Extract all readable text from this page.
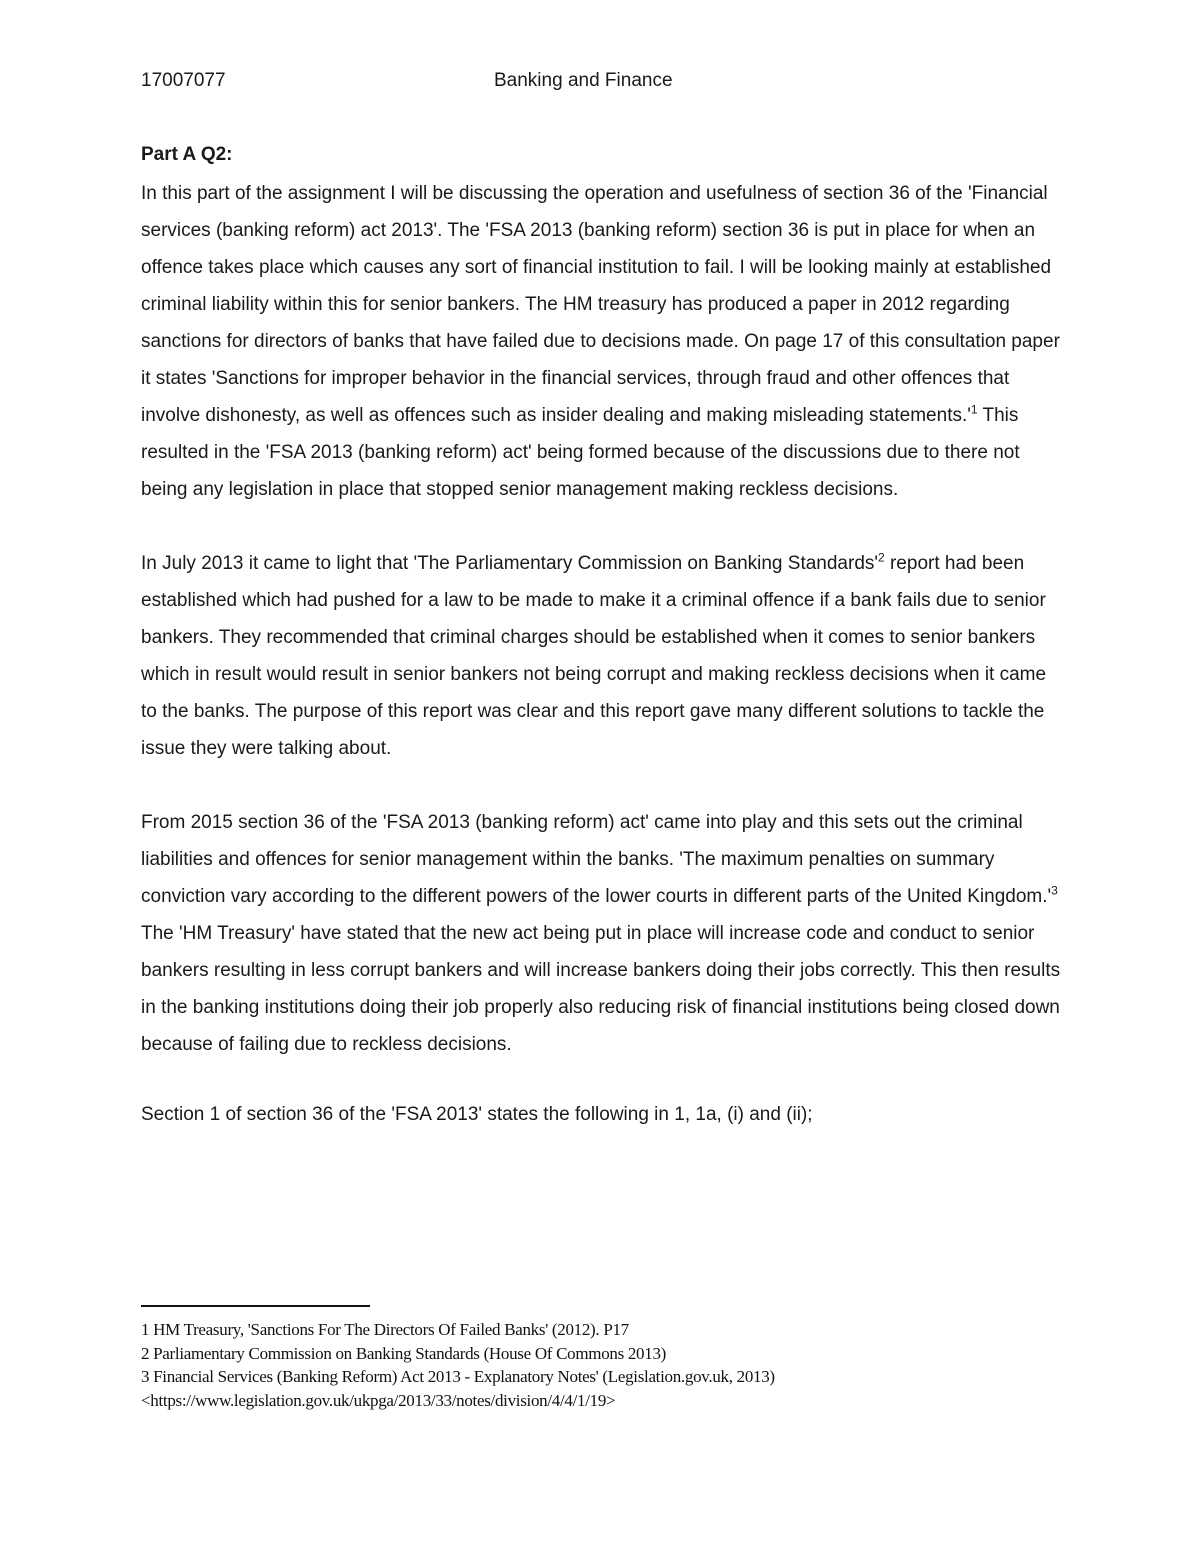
17007077	Banking and Finance

Part A Q2:

In this part of the assignment I will be discussing the operation and usefulness of section 36 of the 'Financial services (banking reform) act 2013'. The 'FSA 2013 (banking reform) section 36 is put in place for when an offence takes place which causes any sort of financial institution to fail. I will be looking mainly at established criminal liability within this for senior bankers. The HM treasury has produced a paper in 2012 regarding sanctions for directors of banks that have failed due to decisions made. On page 17 of this consultation paper it states 'Sanctions for improper behavior in the financial services, through fraud and other offences that involve dishonesty, as well as offences such as insider dealing and making misleading statements.'$^1$ This resulted in the 'FSA 2013 (banking reform) act' being formed because of the discussions due to there not being any legislation in place that stopped senior management making reckless decisions.

In July 2013 it came to light that 'The Parliamentary Commission on Banking Standards'$^2$ report had been established which had pushed for a law to be made to make it a criminal offence if a bank fails due to senior bankers. They recommended that criminal charges should be established when it comes to senior bankers which in result would result in senior bankers not being corrupt and making reckless decisions when it came to the banks. The purpose of this report was clear and this report gave many different solutions to tackle the issue they were talking about.

From 2015 section 36 of the 'FSA 2013 (banking reform) act' came into play and this sets out the criminal liabilities and offences for senior management within the banks. 'The maximum penalties on summary conviction vary according to the different powers of the lower courts in different parts of the United Kingdom.'$^3$ The 'HM Treasury' have stated that the new act being put in place will increase code and conduct to senior bankers resulting in less corrupt bankers and will increase bankers doing their jobs correctly. This then results in the banking institutions doing their job properly also reducing risk of financial institutions being closed down because of failing due to reckless decisions.

Section 1 of section 36 of the 'FSA 2013' states the following in 1, 1a, (i) and (ii);

1 HM Treasury, 'Sanctions For The Directors Of Failed Banks' (2012). P17

2 Parliamentary Commission on Banking Standards (House Of Commons 2013)

3 Financial Services (Banking Reform) Act 2013 - Explanatory Notes' (Legislation.gov.uk, 2013)

<https://www.legislation.gov.uk/ukpga/2013/33/notes/division/4/4/1/19>
